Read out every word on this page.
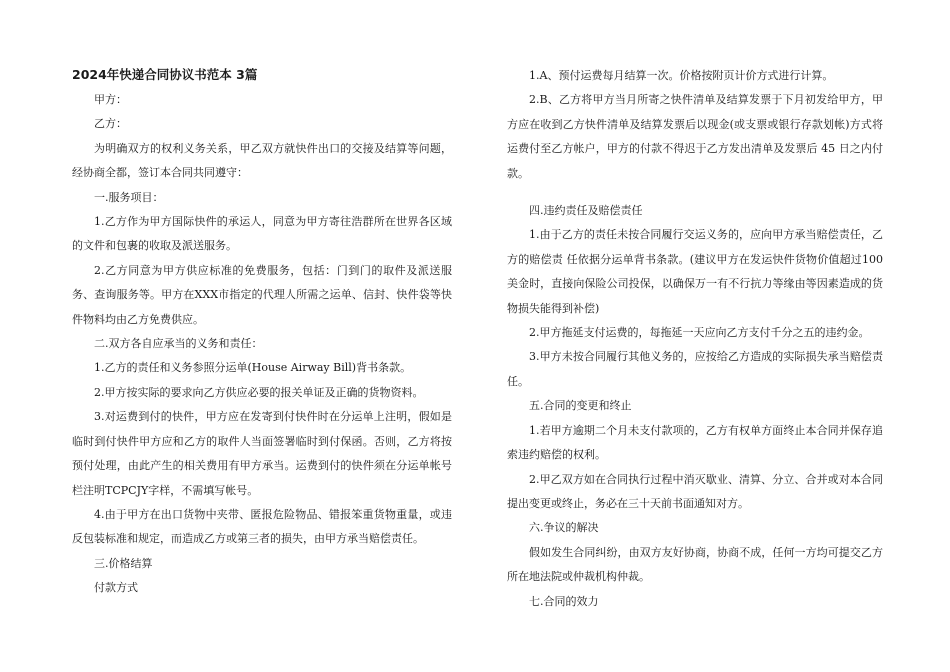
2024年快递合同协议书范本 3篇

甲方：

乙方：

为明确双方的权利义务关系，甲乙双方就快件出口的交接及结算等问题，经协商全都，签订本合同共同遵守：

一.服务项目：

1.乙方作为甲方国际快件的承运人，同意为甲方寄往浩群所在世界各区域的文件和包裹的收取及派送服务。

2.乙方同意为甲方供应标准的免费服务，包括：门到门的取件及派送服务、查询服务等。甲方在XXX市指定的代理人所需之运单、信封、快件袋等快件物料均由乙方免费供应。

二.双方各自应承当的义务和责任：

1.乙方的责任和义务参照分运单(House Airway Bill)背书条款。

2.甲方按实际的要求向乙方供应必要的报关单证及正确的货物资料。

3.对运费到付的快件，甲方应在发寄到付快件时在分运单上注明，假如是临时到付快件甲方应和乙方的取件人当面签署临时到付保函。否则，乙方将按预付处理，由此产生的相关费用有甲方承当。运费到付的快件须在分运单帐号栏注明TCPCJY字样，不需填写帐号。

4.由于甲方在出口货物中夹带、匿报危险物品、错报笨重货物重量，或违反包装标准和规定，而造成乙方或第三者的损失，由甲方承当赔偿责任。

三.价格结算

付款方式

1.A、预付运费每月结算一次。价格按附页计价方式进行计算。

2.B、乙方将甲方当月所寄之快件清单及结算发票于下月初发给甲方，甲方应在收到乙方快件清单及结算发票后以现金(或支票或银行存款划帐)方式将运费付至乙方帐户，甲方的付款不得迟于乙方发出清单及发票后 45 日之内付款。

四.违约责任及赔偿责任

1.由于乙方的责任未按合同履行交运义务的，应向甲方承当赔偿责任，乙方的赔偿责 任依据分运单背书条款。(建议甲方在发运快件货物价值超过100美金时，直接向保险公司投保，以确保万一有不行抗力等缘由等因素造成的货物损失能得到补偿)

2.甲方拖延支付运费的，每拖延一天应向乙方支付千分之五的违约金。

3.甲方未按合同履行其他义务的，应按给乙方造成的实际损失承当赔偿责任。

五.合同的变更和终止

1.若甲方逾期二个月未支付款项的，乙方有权单方面终止本合同并保存追索违约赔偿的权利。

2.甲乙双方如在合同执行过程中消灭歇业、清算、分立、合并或对本合同提出变更或终止，务必在三十天前书面通知对方。

六.争议的解决

假如发生合同纠纷，由双方友好协商，协商不成，任何一方均可提交乙方所在地法院或仲裁机构仲裁。

七.合同的效力
